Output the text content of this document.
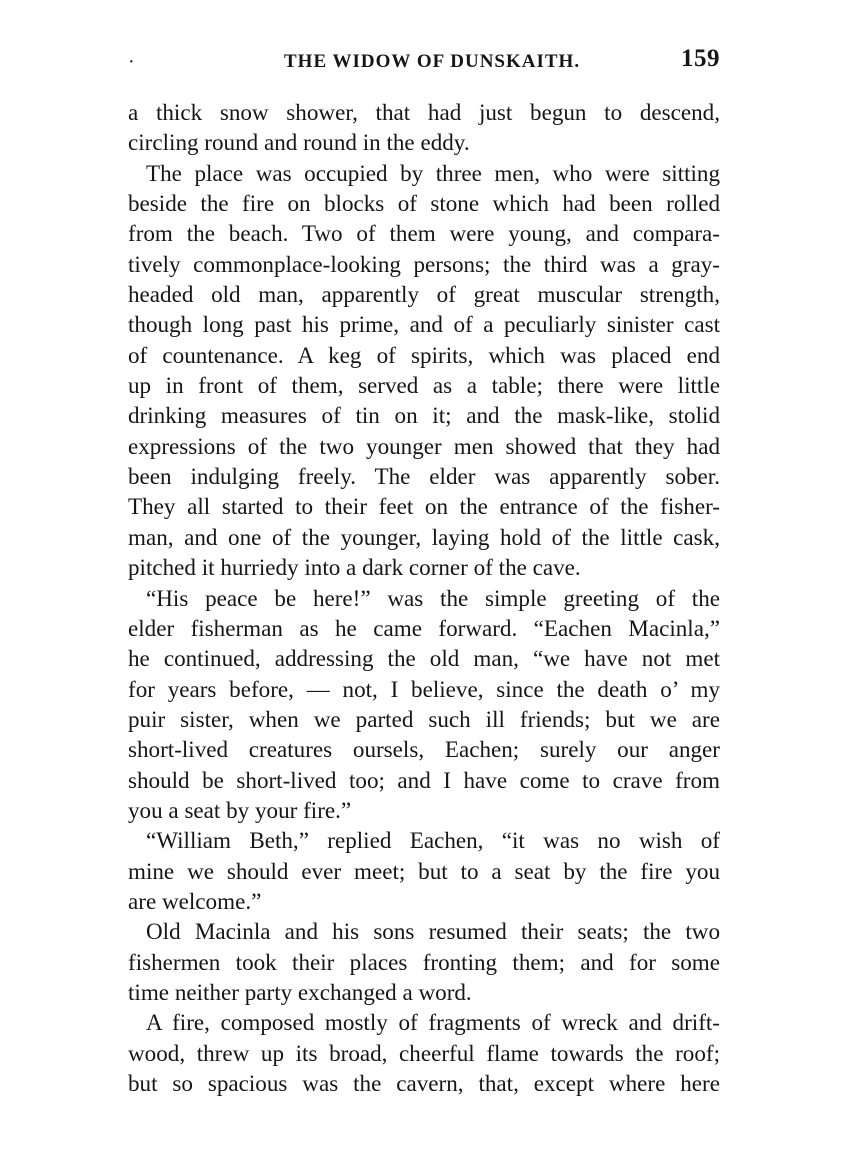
·	THE WIDOW OF DUNSKAITH.	159

a thick snow shower, that had just begun to descend,
circling round and round in the eddy.

The place was occupied by three men, who were sitting
beside the fire on blocks of stone which had been rolled
from the beach. Two of them were young, and compara-
tively commonplace-looking persons; the third was a gray-
headed old man, apparently of great muscular strength,
though long past his prime, and of a peculiarly sinister cast
of countenance. A keg of spirits, which was placed end
up in front of them, served as a table; there were little
drinking measures of tin on it; and the mask-like, stolid
expressions of the two younger men showed that they had
been indulging freely. The elder was apparently sober.
They all started to their feet on the entrance of the fisher-
man, and one of the younger, laying hold of the little cask,
pitched it hurriedy into a dark corner of the cave.

“His peace be here!” was the simple greeting of the
elder fisherman as he came forward. “Eachen Macinla,”
he continued, addressing the old man, “we have not met
for years before, — not, I believe, since the death o’ my
puir sister, when we parted such ill friends; but we are
short-lived creatures oursels, Eachen; surely our anger
should be short-lived too; and I have come to crave from
you a seat by your fire.”

“William Beth,” replied Eachen, “it was no wish of
mine we should ever meet; but to a seat by the fire you
are welcome.”

Old Macinla and his sons resumed their seats; the two
fishermen took their places fronting them; and for some
time neither party exchanged a word.

A fire, composed mostly of fragments of wreck and drift-
wood, threw up its broad, cheerful flame towards the roof;
but so spacious was the cavern, that, except where here
